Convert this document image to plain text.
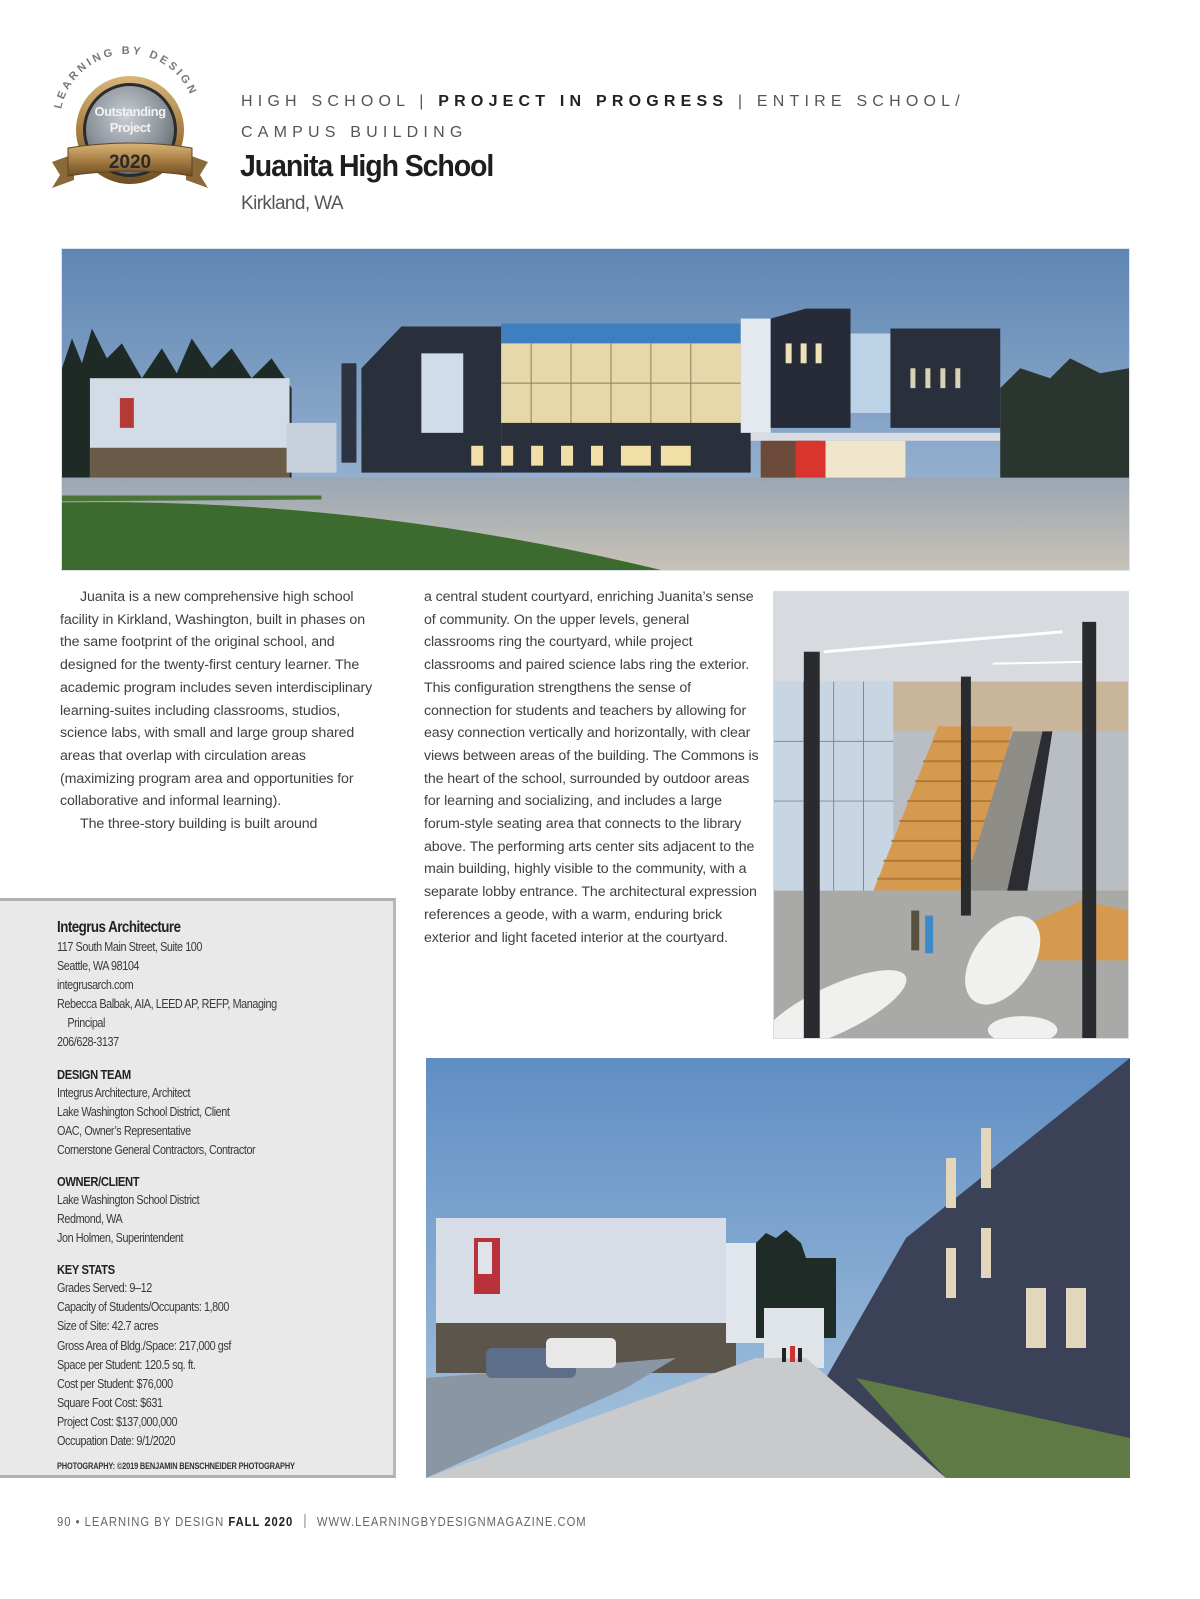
LEARNING BY DESIGN
Outstanding
Project
2020
HIGH SCHOOL | PROJECT IN PROGRESS | ENTIRE SCHOOL/
CAMPUS BUILDING
Juanita High School
Kirkland, WA

Juanita is a new comprehensive high school facility in Kirkland, Washington, built in phases on the same footprint of the original school, and designed for the twenty-first century learner. The academic program includes seven interdisciplinary learning-suites including classrooms, studios, science labs, with small and large group shared areas that overlap with circulation areas (maximizing program area and opportunities for collaborative and informal learning).

The three-story building is built around

a central student courtyard, enriching Juanita’s sense of community. On the upper levels, general classrooms ring the courtyard, while project classrooms and paired science labs ring the exterior. This configuration strengthens the sense of connection for students and teachers by allowing for easy connection vertically and horizontally, with clear views between areas of the building. The Commons is the heart of the school, surrounded by outdoor areas for learning and socializing, and includes a large forum-style seating area that connects to the library above. The performing arts center sits adjacent to the main building, highly visible to the community, with a separate lobby entrance. The architectural expression references a geode, with a warm, enduring brick exterior and light faceted interior at the courtyard.

Integrus Architecture
117 South Main Street, Suite 100
Seattle, WA 98104
integrusarch.com
Rebecca Balbak, AIA, LEED AP, REFP, Managing
Principal
206/628-3137
DESIGN TEAM
Integrus Architecture, Architect
Lake Washington School District, Client
OAC, Owner’s Representative
Cornerstone General Contractors, Contractor
OWNER/CLIENT
Lake Washington School District
Redmond, WA
Jon Holmen, Superintendent
KEY STATS
Grades Served: 9–12
Capacity of Students/Occupants: 1,800
Size of Site: 42.7 acres
Gross Area of Bldg./Space: 217,000 gsf
Space per Student: 120.5 sq. ft.
Cost per Student: $76,000
Square Foot Cost: $631
Project Cost: $137,000,000
Occupation Date: 9/1/2020
PHOTOGRAPHY: ©2019 BENJAMIN BENSCHNEIDER PHOTOGRAPHY
90 • LEARNING BY DESIGN FALL 2020 WWW.LEARNINGBYDESIGNMAGAZINE.COM
